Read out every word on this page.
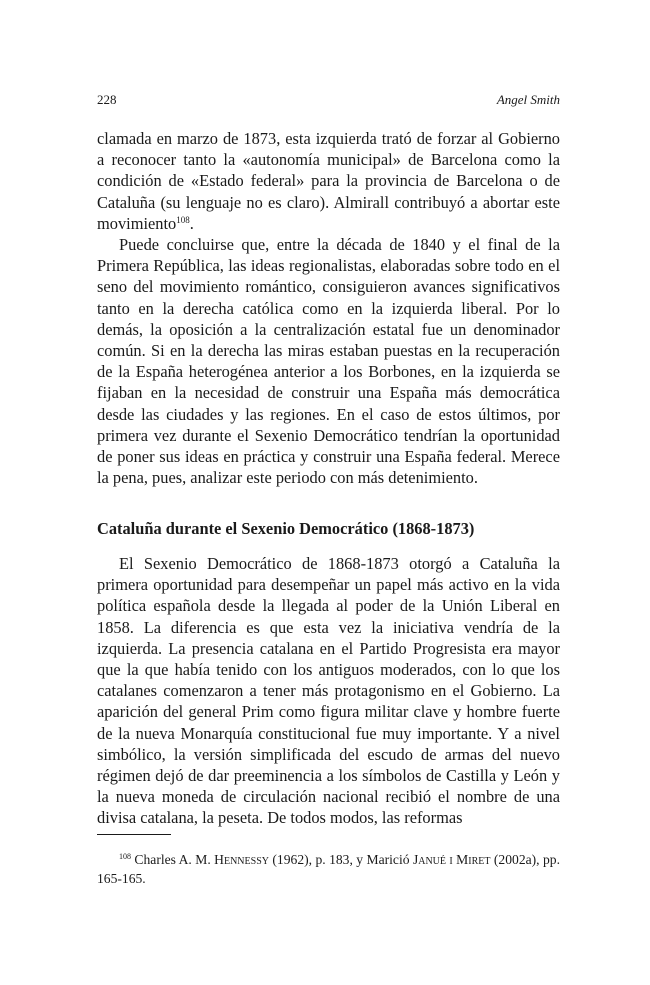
228	Angel Smith

clamada en marzo de 1873, esta izquierda trató de forzar al Gobierno a reconocer tanto la «autonomía municipal» de Barcelona como la condición de «Estado federal» para la provincia de Barcelona o de Cataluña (su lenguaje no es claro). Almirall contribuyó a abortar este movimiento$^{108}$.

Puede concluirse que, entre la década de 1840 y el final de la Primera República, las ideas regionalistas, elaboradas sobre todo en el seno del movimiento romántico, consiguieron avances significativos tanto en la derecha católica como en la izquierda liberal. Por lo demás, la oposición a la centralización estatal fue un denominador común. Si en la derecha las miras estaban puestas en la recuperación de la España heterogénea anterior a los Borbones, en la izquierda se fijaban en la necesidad de construir una España más democrática desde las ciudades y las regiones. En el caso de estos últimos, por primera vez durante el Sexenio Democrático tendrían la oportunidad de poner sus ideas en práctica y construir una España federal. Merece la pena, pues, analizar este periodo con más detenimiento.

Cataluña durante el Sexenio Democrático (1868-1873)

El Sexenio Democrático de 1868-1873 otorgó a Cataluña la primera oportunidad para desempeñar un papel más activo en la vida política española desde la llegada al poder de la Unión Liberal en 1858. La diferencia es que esta vez la iniciativa vendría de la izquierda. La presencia catalana en el Partido Progresista era mayor que la que había tenido con los antiguos moderados, con lo que los catalanes comenzaron a tener más protagonismo en el Gobierno. La aparición del general Prim como figura militar clave y hombre fuerte de la nueva Monarquía constitucional fue muy importante. Y a nivel simbólico, la versión simplificada del escudo de armas del nuevo régimen dejó de dar preeminencia a los símbolos de Castilla y León y la nueva moneda de circulación nacional recibió el nombre de una divisa catalana, la peseta. De todos modos, las reformas

$^{108}$ Charles A. M. Hennessy (1962), p. 183, y Marició Janué i Miret (2002a), pp. 165-165.
